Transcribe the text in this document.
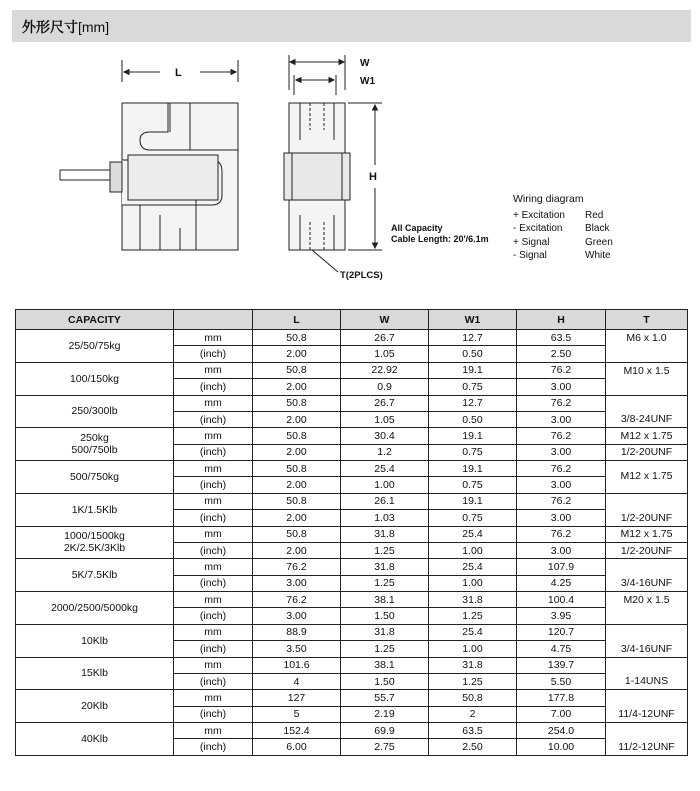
外形尺寸[mm]
L
W
W1
H
T(2PLCS)
All Capacity
Cable Length: 20'/6.1m
Wiring diagram
+ Excitation	Red
- Excitation	Black
+ Signal	Green
- Signal	White
CAPACITY		L	W	W1	H	T

25/50/75kg	mm	50.8	26.7	12.7	63.5	M6 x 1.0

	(inch)	2.00	1.05	0.50	2.50	

100/150kg	mm	50.8	22.92	19.1	76.2	M10 x 1.5

	(inch)	2.00	0.9	0.75	3.00	

250/300lb	mm	50.8	26.7	12.7	76.2	3/8-24UNF

	(inch)	2.00	1.05	0.50	3.00	

250kg
500/750lb	mm	50.8	30.4	19.1	76.2	M12 x 1.75
	(inch)	2.00	1.2	0.75	3.00	1/2-20UNF

500/750kg	mm	50.8	25.4	19.1	76.2	M12 x 1.75

	(inch)	2.00	1.00	0.75	3.00	

1K/1.5Klb	mm	50.8	26.1	19.1	76.2	1/2-20UNF

	(inch)	2.00	1.03	0.75	3.00	

1000/1500kg
2K/2.5K/3Klb	mm	50.8	31.8	25.4	76.2	M12 x 1.75
	(inch)	2.00	1.25	1.00	3.00	1/2-20UNF

5K/7.5Klb	mm	76.2	31.8	25.4	107.9	3/4-16UNF

	(inch)	3.00	1.25	1.00	4.25	

2000/2500/5000kg	mm	76.2	38.1	31.8	100.4	M20 x 1.5

	(inch)	3.00	1.50	1.25	3.95	

10Klb	mm	88.9	31.8	25.4	120.7	3/4-16UNF

	(inch)	3.50	1.25	1.00	4.75	

15Klb	mm	101.6	38.1	31.8	139.7	1-14UNS

	(inch)	4	1.50	1.25	5.50	

20Klb	mm	127	55.7	50.8	177.8	11/4-12UNF

	(inch)	5	2.19	2	7.00	

40Klb	mm	152.4	69.9	63.5	254.0	11/2-12UNF

	(inch)	6.00	2.75	2.50	10.00	
